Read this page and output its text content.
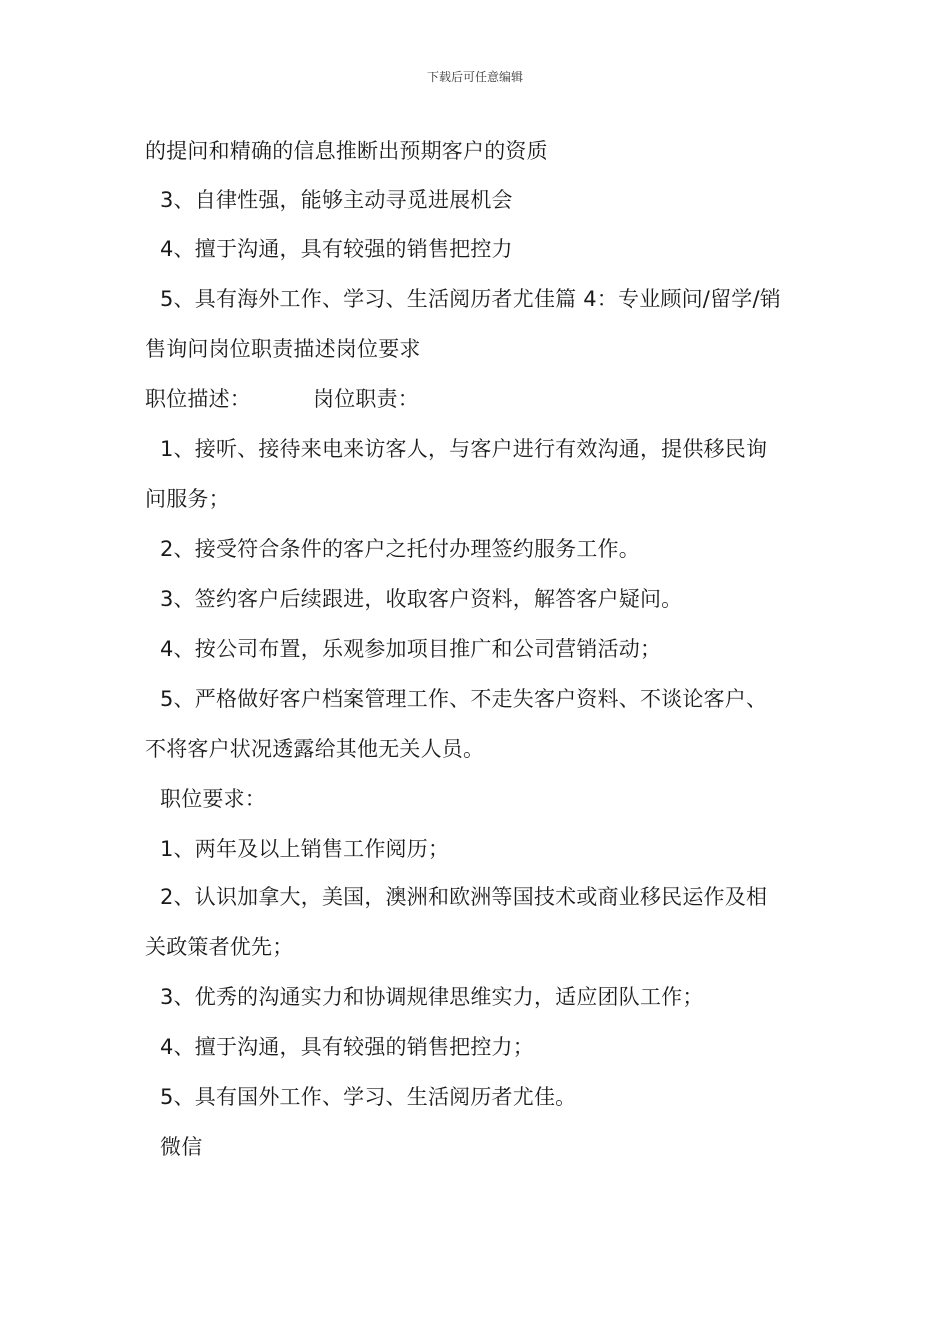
下载后可任意编辑
的提问和精确的信息推断出预期客户的资质
3、自律性强，能够主动寻觅进展机会
4、擅于沟通，具有较强的销售把控力
5、具有海外工作、学习、生活阅历者尤佳篇 4：专业顾问/留学/销
售询问岗位职责描述岗位要求
职位描述：	岗位职责：
1、接听、接待来电来访客人，与客户进行有效沟通，提供移民询
问服务；
2、接受符合条件的客户之托付办理签约服务工作。
3、签约客户后续跟进，收取客户资料，解答客户疑问。
4、按公司布置，乐观参加项目推广和公司营销活动；
5、严格做好客户档案管理工作、不走失客户资料、不谈论客户、
不将客户状况透露给其他无关人员。
职位要求：
1、两年及以上销售工作阅历；
2、认识加拿大，美国，澳洲和欧洲等国技术或商业移民运作及相
关政策者优先；
3、优秀的沟通实力和协调规律思维实力，适应团队工作；
4、擅于沟通，具有较强的销售把控力；
5、具有国外工作、学习、生活阅历者尤佳。
微信
